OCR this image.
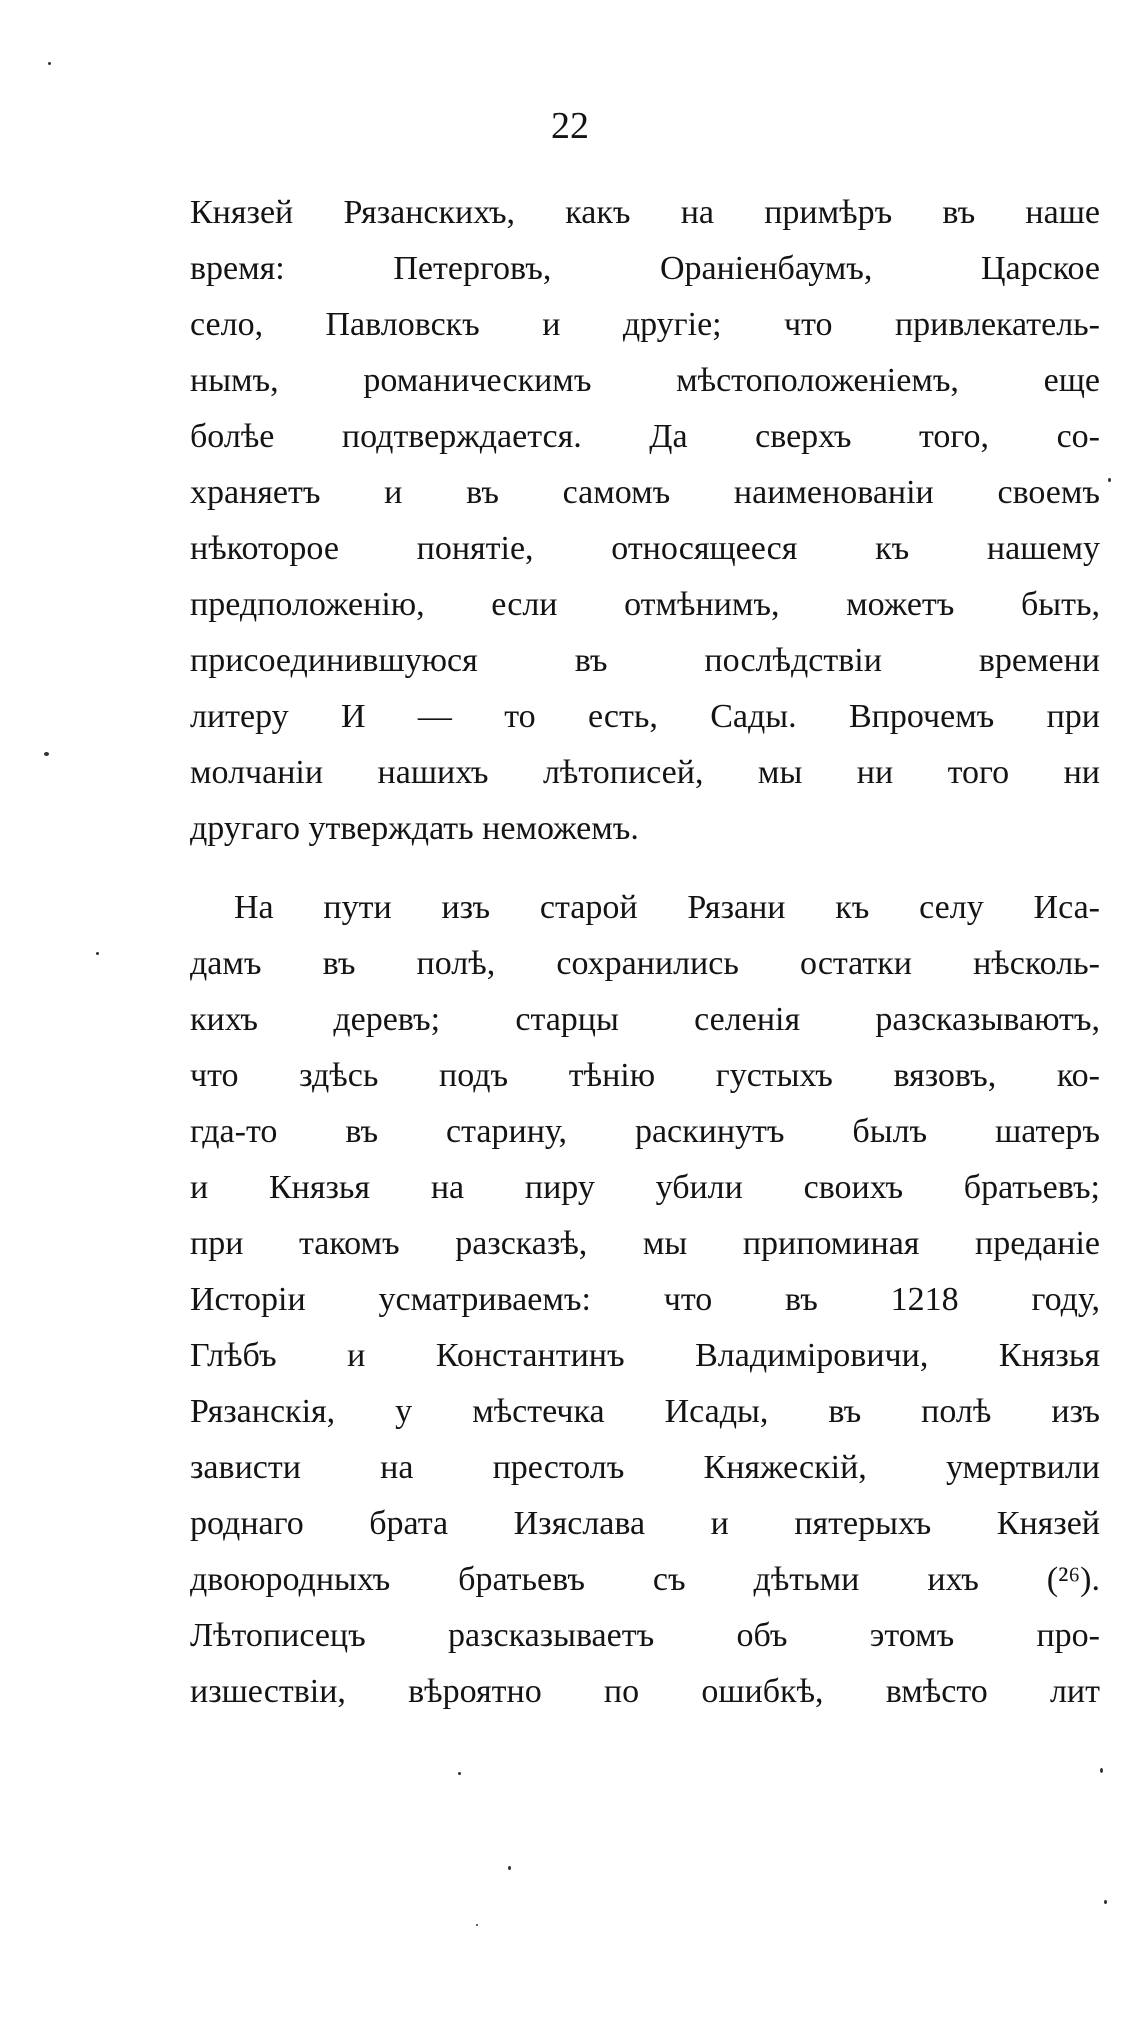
22
Князей Рязанскихъ, какъ на примѣръ въ наше
время: Петерговъ, Ораніенбаумъ, Царское
село, Павловскъ и другіе; что привлекатель-
нымъ, романическимъ мѣстоположеніемъ, еще
болѣе подтверждается. Да сверхъ того, со-
храняетъ и въ самомъ наименованіи своемъ
нѣкоторое понятіе, относящееся къ нашему
предположенію, если отмѣнимъ, можетъ быть,
присоединившуюся въ послѣдствіи времени
литеру И — то есть, Сады. Впрочемъ при
молчаніи нашихъ лѣтописей, мы ни того ни
другаго утверждать неможемъ.
На пути изъ старой Рязани къ селу Иса-
дамъ въ полѣ, сохранились остатки нѣсколь-
кихъ деревъ; старцы селенія разсказываютъ,
что здѣсь подъ тѣнію густыхъ вязовъ, ко-
гда-то въ старину, раскинутъ былъ шатеръ
и Князья на пиру убили своихъ братьевъ;
при такомъ разсказѣ, мы припоминая преданіе
Исторіи усматриваемъ: что въ 1218 году,
Глѣбъ и Константинъ Владиміровичи, Князья
Рязанскія, у мѣстечка Исады, въ полѣ изъ
зависти на престолъ Княжескій, умертвили
роднаго брата Изяслава и пятерыхъ Князей
двоюродныхъ братьевъ съ дѣтьми ихъ (²⁶).
Лѣтописецъ разсказываетъ объ этомъ про-
изшествіи, вѣроятно по ошибкѣ, вмѣсто лит
